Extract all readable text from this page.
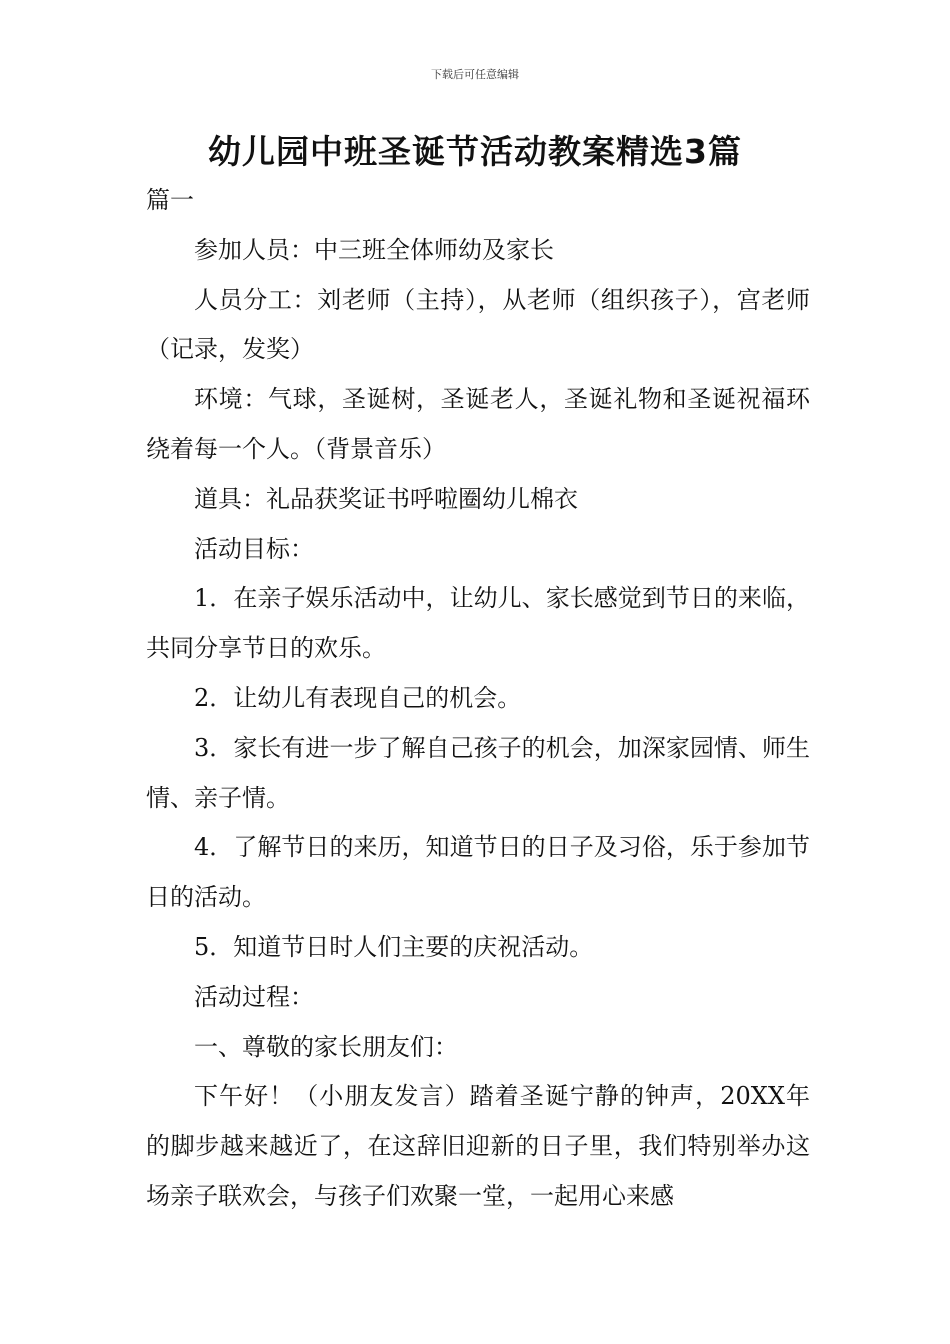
下载后可任意编辑
幼儿园中班圣诞节活动教案精选3篇

篇一

参加人员：中三班全体师幼及家长

人员分工：刘老师（主持），从老师（组织孩子），宫老师（记录，发奖）

环境：气球，圣诞树，圣诞老人，圣诞礼物和圣诞祝福环绕着每一个人。（背景音乐）

道具：礼品获奖证书呼啦圈幼儿棉衣

活动目标：

1．在亲子娱乐活动中，让幼儿、家长感觉到节日的来临，共同分享节日的欢乐。

2．让幼儿有表现自己的机会。

3．家长有进一步了解自己孩子的机会，加深家园情、师生情、亲子情。

4．了解节日的来历，知道节日的日子及习俗，乐于参加节日的活动。

5．知道节日时人们主要的庆祝活动。

活动过程：

一、尊敬的家长朋友们：

下午好！（小朋友发言）踏着圣诞宁静的钟声，20XX年的脚步越来越近了，在这辞旧迎新的日子里，我们特别举办这场亲子联欢会，与孩子们欢聚一堂，一起用心来感
